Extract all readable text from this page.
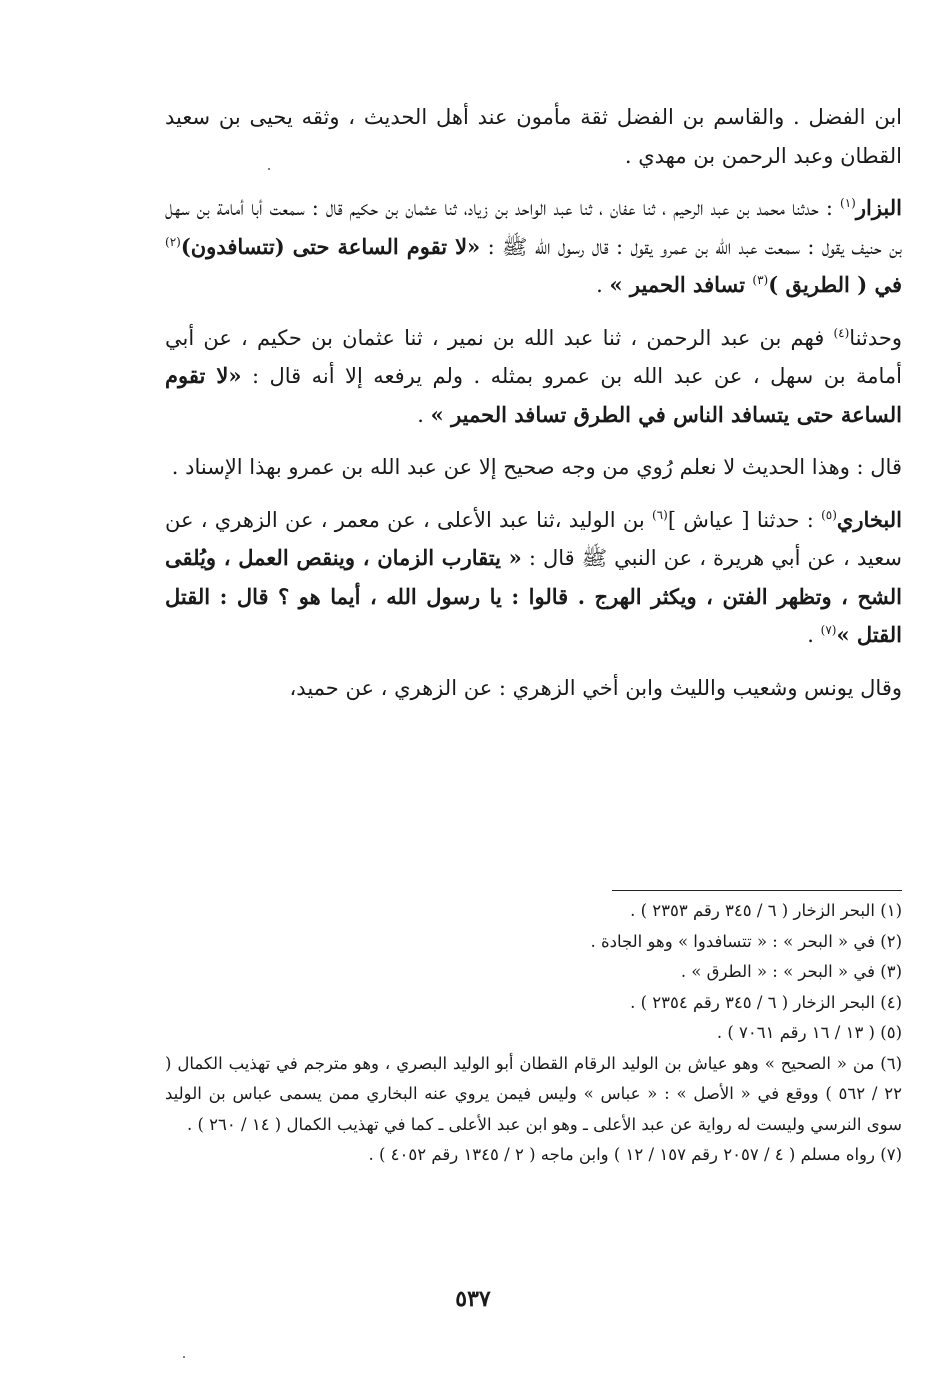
ابن الفضل . والقاسم بن الفضل ثقة مأمون عند أهل الحديث ، وثقه يحيى بن سعيد القطان وعبد الرحمن بن مهدي .

البزار$^{(١)}$ : حدثنا محمد بن عبد الرحيم ، ثنا عفان ، ثنا عبد الواحد بن زياد، ثنا عثمان بن حكيم قال : سمعت أبا أمامة بن سهل بن حنيف يقول : سمعت عبد الله بن عمرو يقول : قال رسول الله ﷺ : «لا تقوم الساعة حتى (تتسافدون)$^{(٢)}$ في ( الطريق )$^{(٣)}$ تسافد الحمير » .

وحدثنا$^{(٤)}$ فهم بن عبد الرحمن ، ثنا عبد الله بن نمير ، ثنا عثمان بن حكيم ، عن أبي أمامة بن سهل ، عن عبد الله بن عمرو بمثله . ولم يرفعه إلا أنه قال : «لا تقوم الساعة حتى يتسافد الناس في الطرق تسافد الحمير » .

قال : وهذا الحديث لا نعلم رُوي من وجه صحيح إلا عن عبد الله بن عمرو بهذا الإسناد .

البخاري$^{(٥)}$ : حدثنا [ عياش ]$^{(٦)}$ بن الوليد ،ثنا عبد الأعلى ، عن معمر ، عن الزهري ، عن سعيد ، عن أبي هريرة ، عن النبي ﷺ قال : « يتقارب الزمان ، وينقص العمل ، ويُلقى الشح ، وتظهر الفتن ، ويكثر الهرج . قالوا : يا رسول الله ، أيما هو ؟ قال : القتل القتل »$^{(٧)}$ .

وقال يونس وشعيب والليث وابن أخي الزهري : عن الزهري ، عن حميد،

(١) البحر الزخار ( ٦ / ٣٤٥ رقم ٢٣٥٣ ) .

(٢) في « البحر » : « تتسافدوا » وهو الجادة .

(٣) في « البحر » : « الطرق » .

(٤) البحر الزخار ( ٦ / ٣٤٥ رقم ٢٣٥٤ ) .

(٥) ( ١٣ / ١٦ رقم ٧٠٦١ ) .

(٦) من « الصحيح » وهو عياش بن الوليد الرقام القطان أبو الوليد البصري ، وهو مترجم في تهذيب الكمال ( ٢٢ / ٥٦٢ ) ووقع في « الأصل » : « عباس » وليس فيمن يروي عنه البخاري ممن يسمى عباس بن الوليد سوى النرسي وليست له رواية عن عبد الأعلى ـ وهو ابن عبد الأعلى ـ كما في تهذيب الكمال ( ١٤ / ٢٦٠ ) .

(٧) رواه مسلم ( ٤ / ٢٠٥٧ رقم ١٥٧ / ١٢ ) وابن ماجه ( ٢ / ١٣٤٥ رقم ٤٠٥٢ ) .

٥٣٧
